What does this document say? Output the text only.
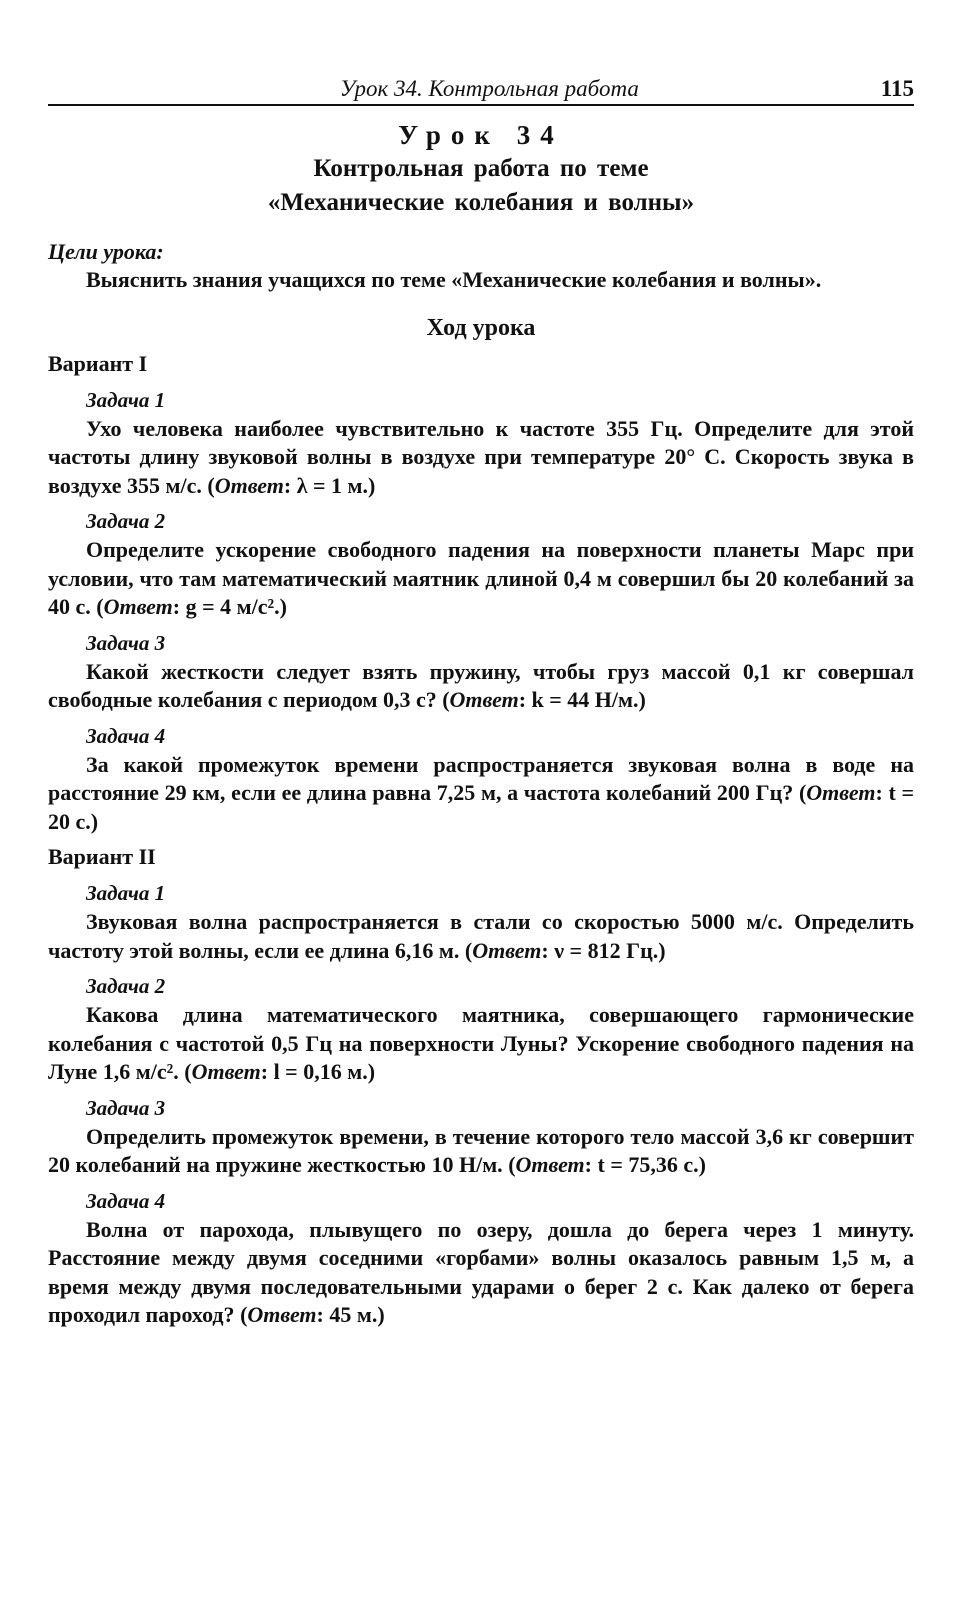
Урок 34. Контрольная работа	115
Урок 34
Контрольная работа по теме
«Механические колебания и волны»
Цели урока:

Выяснить знания учащихся по теме «Механические колебания и волны».

Ход урока
Вариант I
Задача 1

Ухо человека наиболее чувствительно к частоте 355 Гц. Определите для этой частоты длину звуковой волны в воздухе при температуре 20° С. Скорость звука в воздухе 355 м/с. (Ответ: λ = 1 м.)

Задача 2

Определите ускорение свободного падения на поверхности планеты Марс при условии, что там математический маятник длиной 0,4 м совершил бы 20 колебаний за 40 с. (Ответ: g = 4 м/с².)

Задача 3

Какой жесткости следует взять пружину, чтобы груз массой 0,1 кг совершал свободные колебания с периодом 0,3 с? (Ответ: k = 44 Н/м.)

Задача 4

За какой промежуток времени распространяется звуковая волна в воде на расстояние 29 км, если ее длина равна 7,25 м, а частота колебаний 200 Гц? (Ответ: t = 20 с.)

Вариант II
Задача 1

Звуковая волна распространяется в стали со скоростью 5000 м/с. Определить частоту этой волны, если ее длина 6,16 м. (Ответ: ν = 812 Гц.)

Задача 2

Какова длина математического маятника, совершающего гармонические колебания с частотой 0,5 Гц на поверхности Луны? Ускорение свободного падения на Луне 1,6 м/с². (Ответ: l = 0,16 м.)

Задача 3

Определить промежуток времени, в течение которого тело массой 3,6 кг совершит 20 колебаний на пружине жесткостью 10 Н/м. (Ответ: t = 75,36 с.)

Задача 4

Волна от парохода, плывущего по озеру, дошла до берега через 1 минуту. Расстояние между двумя соседними «горбами» волны оказалось равным 1,5 м, а время между двумя последовательными ударами о берег 2 с. Как далеко от берега проходил пароход? (Ответ: 45 м.)
